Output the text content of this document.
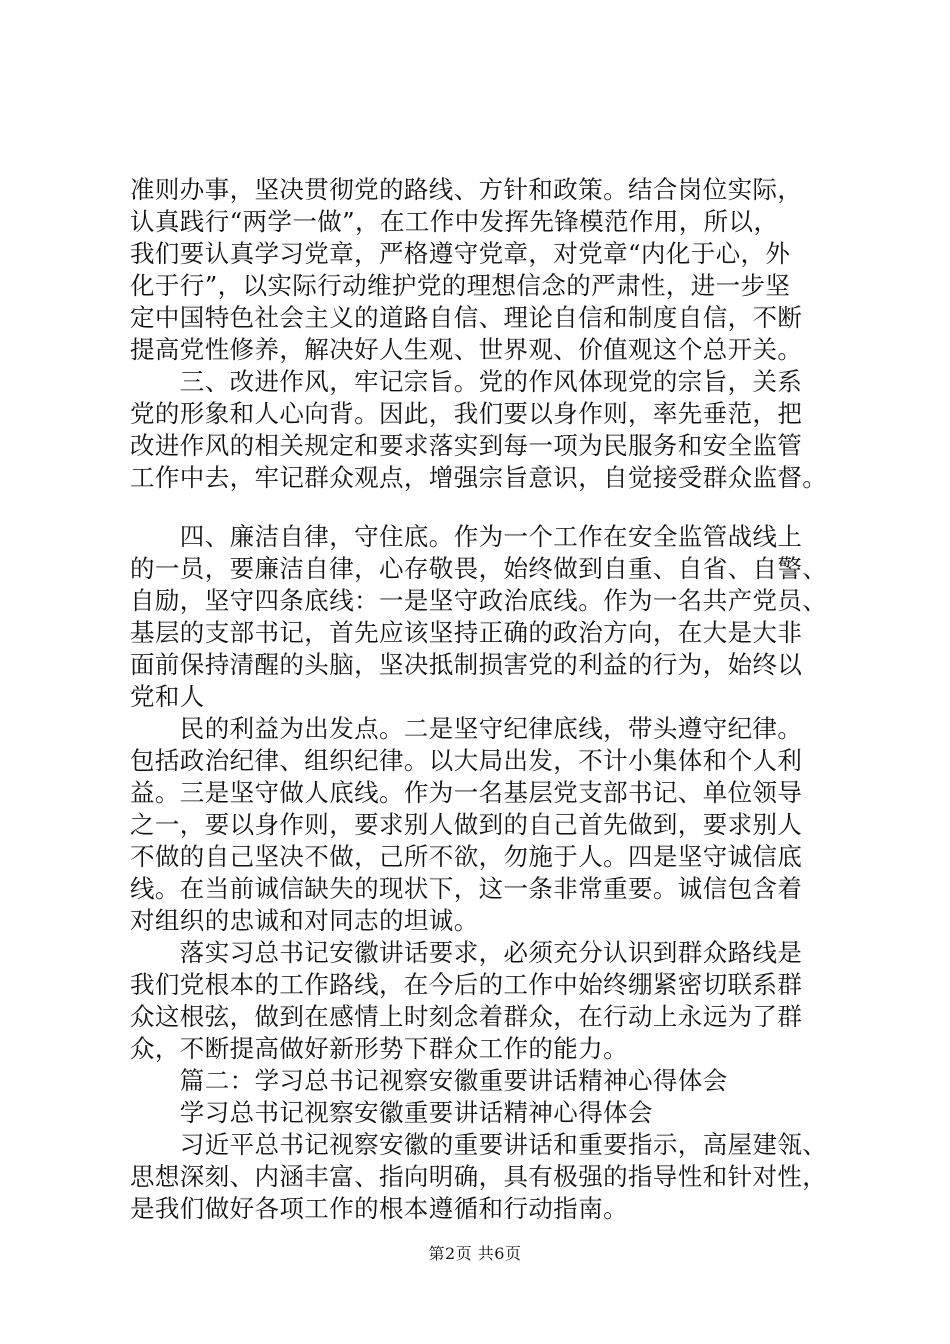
准则办事，坚决贯彻党的路线、方针和政策。结合岗位实际，
认真践行“两学一做”，在工作中发挥先锋模范作用，所以，
我们要认真学习党章，严格遵守党章，对党章“内化于心，外
化于行”，以实际行动维护党的理想信念的严肃性，进一步坚
定中国特色社会主义的道路自信、理论自信和制度自信，不断
提高党性修养，解决好人生观、世界观、价值观这个总开关。
　　三、改进作风，牢记宗旨。党的作风体现党的宗旨，关系
党的形象和人心向背。因此，我们要以身作则，率先垂范，把
改进作风的相关规定和要求落实到每一项为民服务和安全监管
工作中去，牢记群众观点，增强宗旨意识，自觉接受群众监督。
　　四、廉洁自律，守住底。作为一个工作在安全监管战线上
的一员，要廉洁自律，心存敬畏，始终做到自重、自省、自警、
自励，坚守四条底线：一是坚守政治底线。作为一名共产党员、
基层的支部书记，首先应该坚持正确的政治方向，在大是大非
面前保持清醒的头脑，坚决抵制损害党的利益的行为，始终以
党和人
　　民的利益为出发点。二是坚守纪律底线，带头遵守纪律。
包括政治纪律、组织纪律。以大局出发，不计小集体和个人利
益。三是坚守做人底线。作为一名基层党支部书记、单位领导
之一，要以身作则，要求别人做到的自己首先做到，要求别人
不做的自己坚决不做，己所不欲，勿施于人。四是坚守诚信底
线。在当前诚信缺失的现状下，这一条非常重要。诚信包含着
对组织的忠诚和对同志的坦诚。
　　落实习总书记安徽讲话要求，必须充分认识到群众路线是
我们党根本的工作路线，在今后的工作中始终绷紧密切联系群
众这根弦，做到在感情上时刻念着群众，在行动上永远为了群
众，不断提高做好新形势下群众工作的能力。
　　篇二：学习总书记视察安徽重要讲话精神心得体会
　　学习总书记视察安徽重要讲话精神心得体会
　　习近平总书记视察安徽的重要讲话和重要指示，高屋建瓴、
思想深刻、内涵丰富、指向明确，具有极强的指导性和针对性，
是我们做好各项工作的根本遵循和行动指南。
第2页 共6页
